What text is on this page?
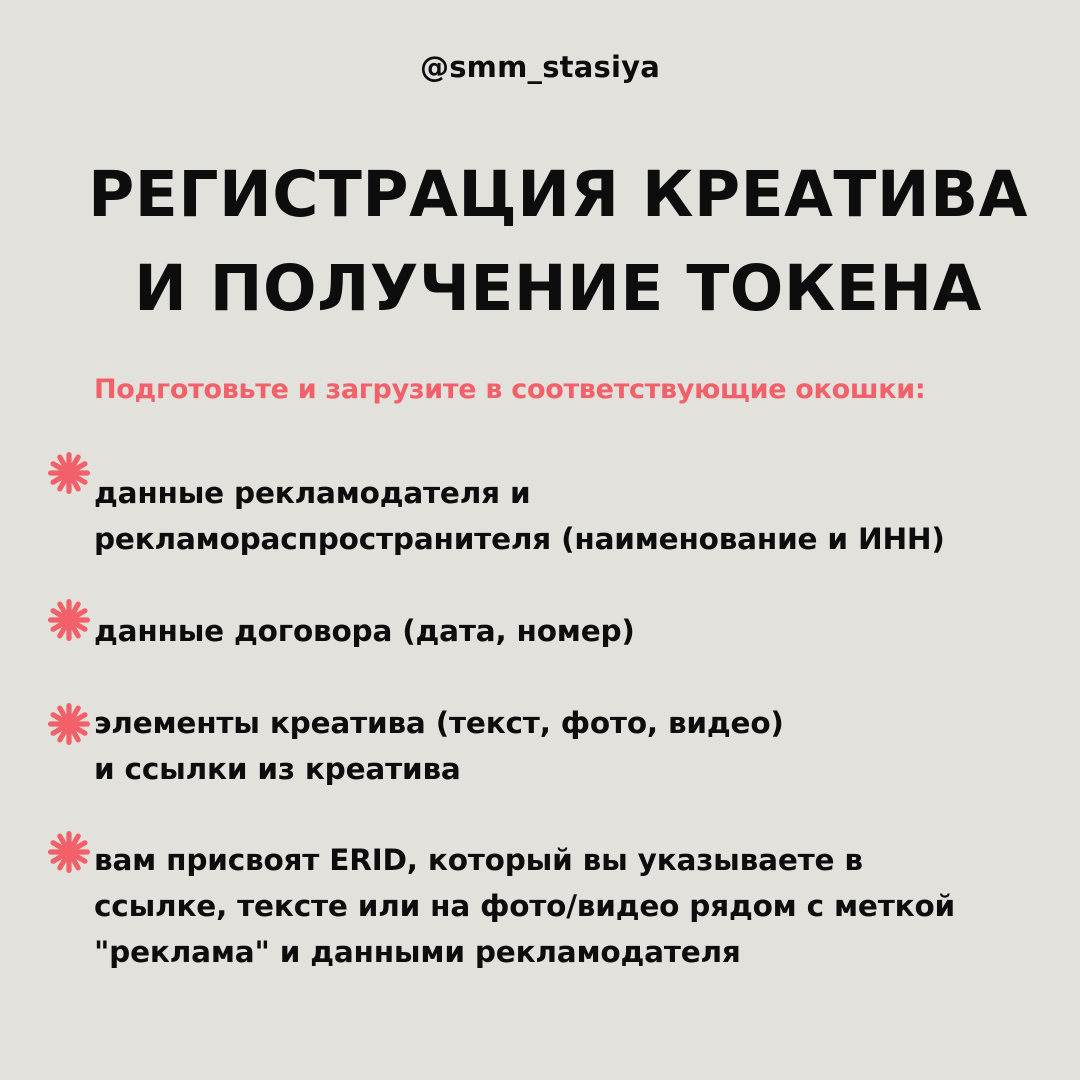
@smm_stasiya
РЕГИСТРАЦИЯ КРЕАТИВА
И ПОЛУЧЕНИЕ ТОКЕНА
Подготовьте и загрузите в соответствующие окошки:
данные рекламодателя и
рекламораспространителя (наименование и ИНН)
данные договора (дата, номер)
элементы креатива (текст, фото, видео)
и ссылки из креатива
вам присвоят ERID, который вы указываете в
ссылке, тексте или на фото/видео рядом с меткой
"реклама" и данными рекламодателя
